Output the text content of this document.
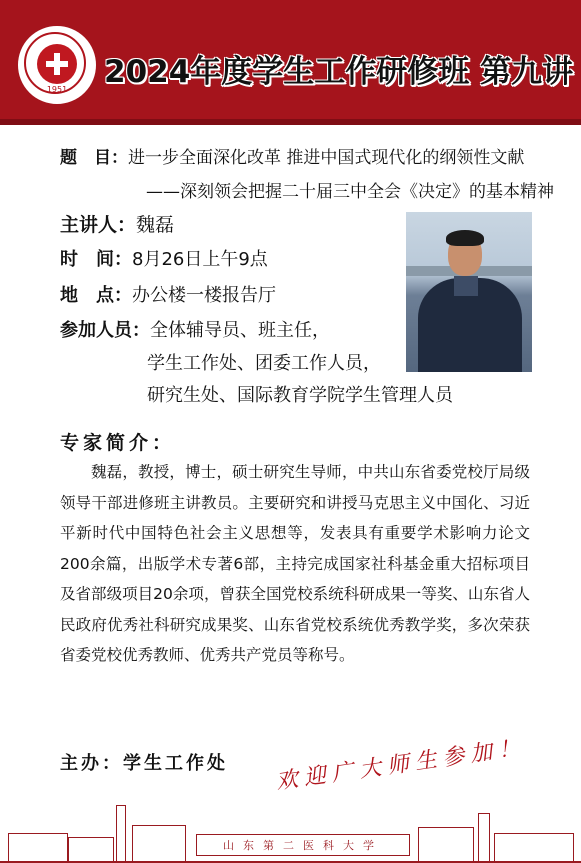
1951	2024年度学生工作研修班 第九讲
题　目：进一步全面深化改革 推进中国式现代化的纲领性文献
——深刻领会把握二十届三中全会《决定》的基本精神
主讲人：魏磊
时　间：8月26日上午9点
地　点：办公楼一楼报告厅
参加人员：全体辅导员、班主任，
学生工作处、团委工作人员，
研究生处、国际教育学院学生管理人员
专家简介：
魏磊，教授，博士，硕士研究生导师，中共山东省委党校厅局级领导干部进修班主讲教员。主要研究和讲授马克思主义中国化、习近平新时代中国特色社会主义思想等，发表具有重要学术影响力论文200余篇，出版学术专著6部，主持完成国家社科基金重大招标项目及省部级项目20余项，曾获全国党校系统科研成果一等奖、山东省人民政府优秀社科研究成果奖、山东省党校系统优秀教学奖，多次荣获省委党校优秀教师、优秀共产党员等称号。
主办：学生工作处 欢迎广大师生参加！
山东第二医科大学
